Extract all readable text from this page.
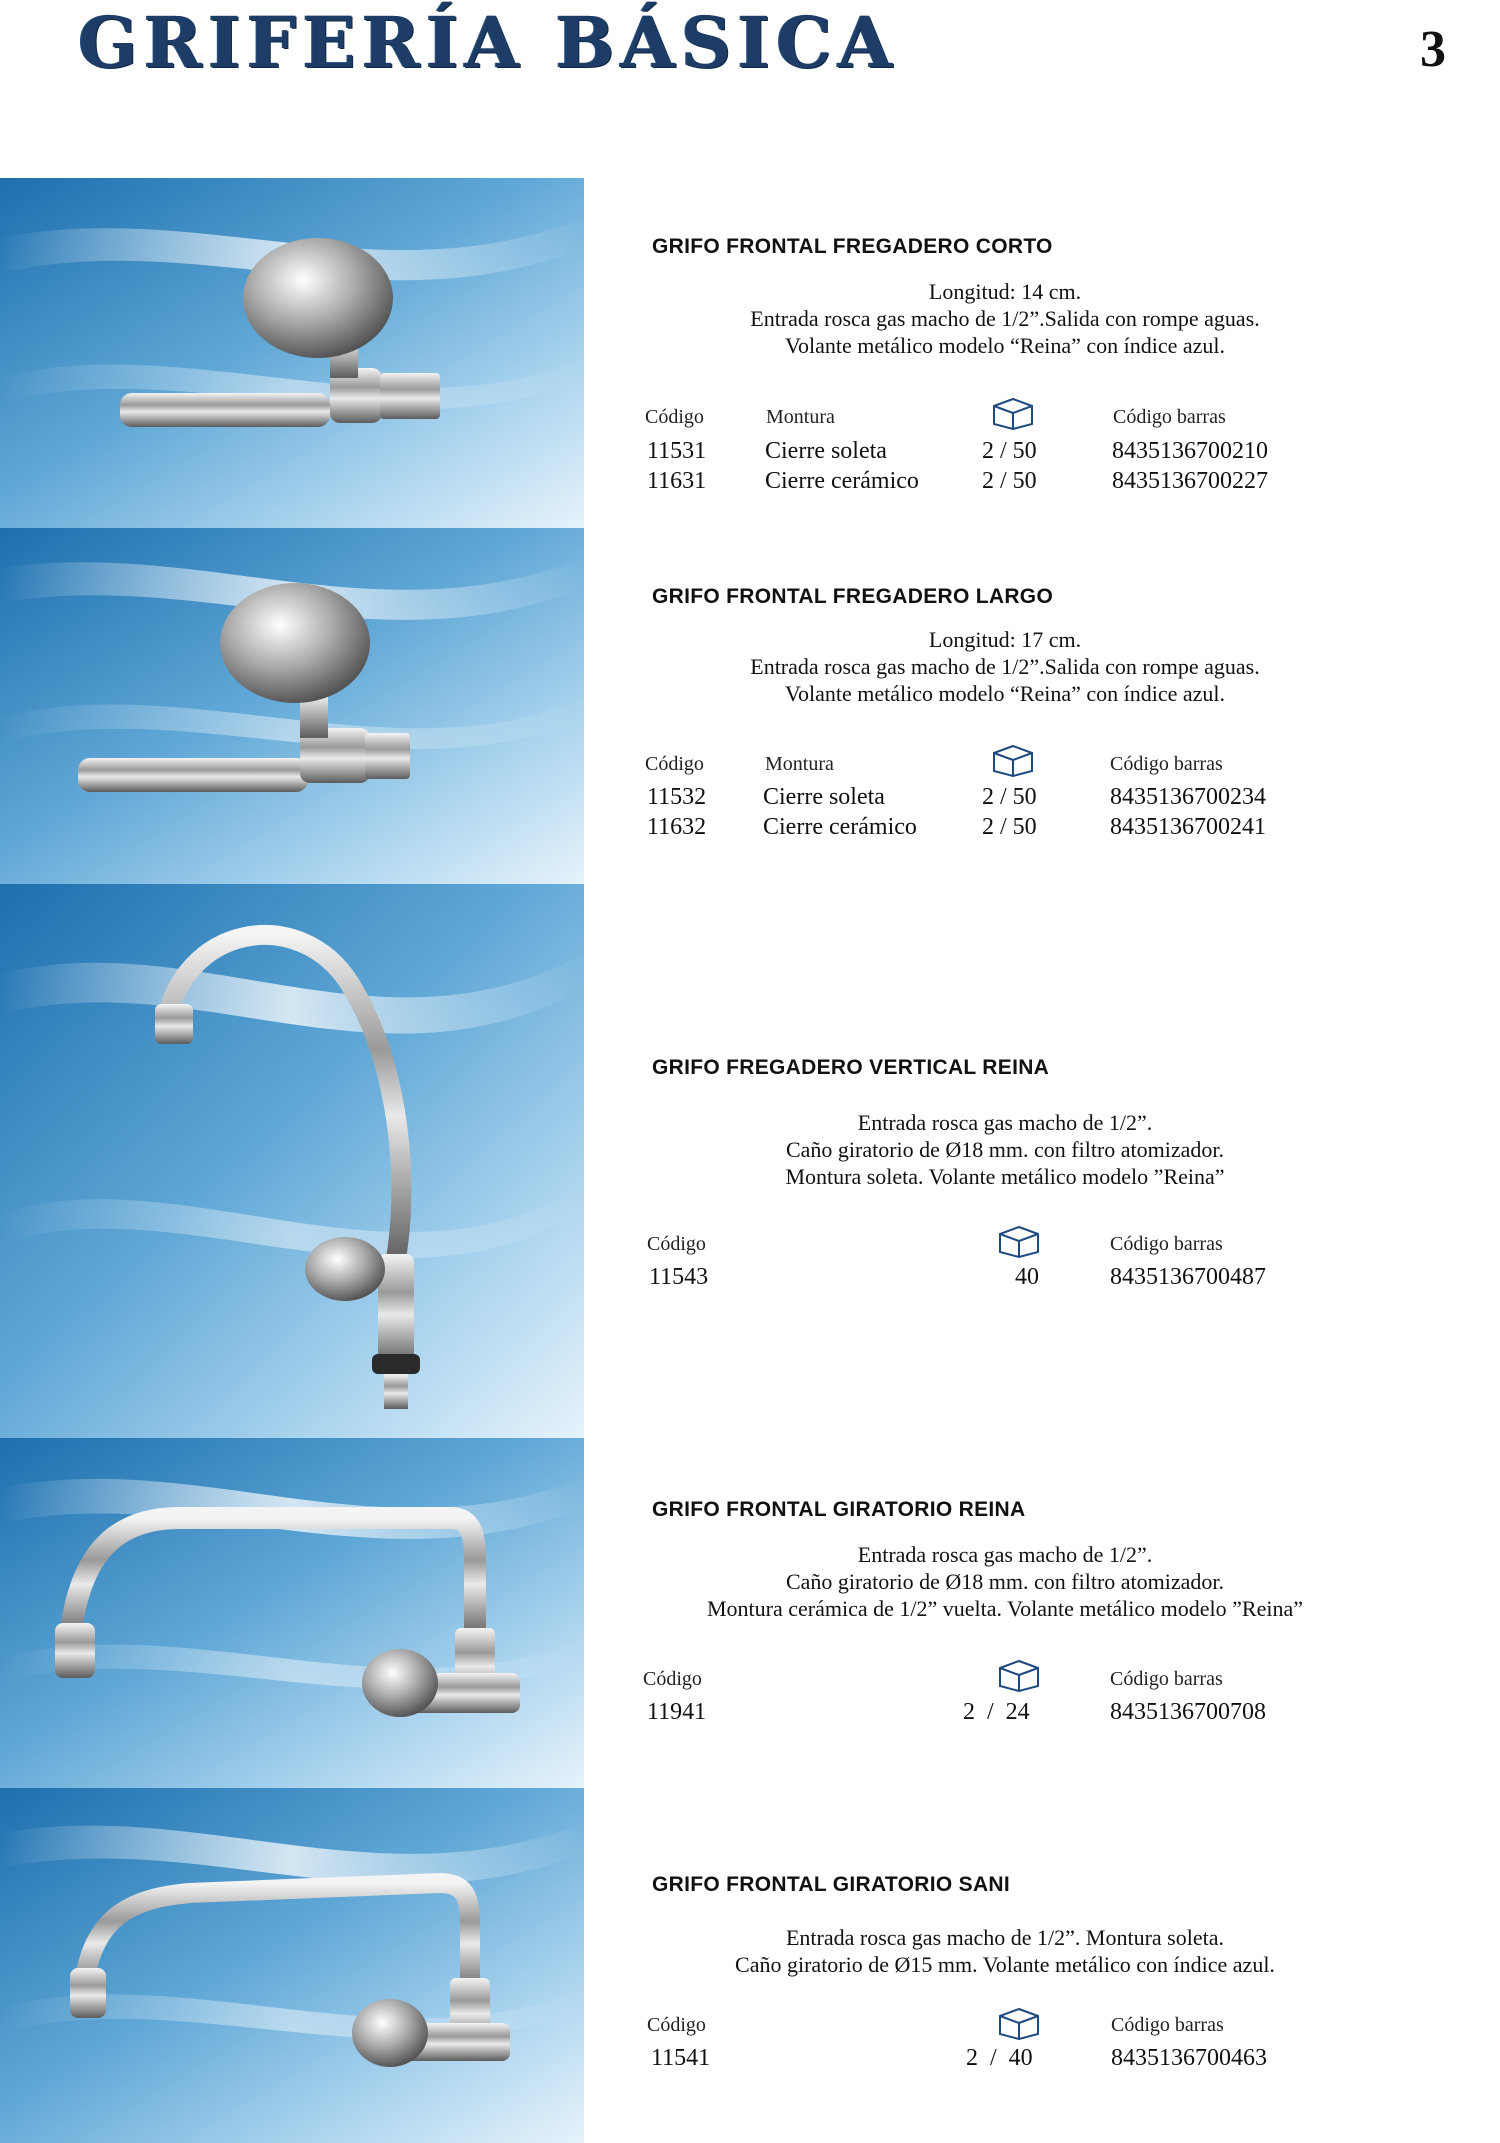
GRIFERÍA BÁSICA	3
GRIFO FRONTAL FREGADERO CORTO
Longitud: 14 cm.
Entrada rosca gas macho de 1/2”.Salida con rompe aguas.
Volante metálico modelo “Reina” con índice azul.
Código	Montura	Código barras
11531 Cierre soleta	2 / 50	8435136700210
11631 Cierre cerámico	2 / 50	8435136700227
GRIFO FRONTAL FREGADERO LARGO
Longitud: 17 cm.
Entrada rosca gas macho de 1/2”.Salida con rompe aguas.
Volante metálico modelo “Reina” con índice azul.
Código	Montura	Código barras
11532 Cierre soleta	2 / 50	8435136700234
11632 Cierre cerámico	2 / 50	8435136700241
GRIFO FREGADERO VERTICAL REINA
Entrada rosca gas macho de 1/2”.
Caño giratorio de Ø18 mm. con filtro atomizador.
Montura soleta. Volante metálico modelo ”Reina”
Código	Código barras
11543	40	8435136700487
GRIFO FRONTAL GIRATORIO REINA
Entrada rosca gas macho de 1/2”.
Caño giratorio de Ø18 mm. con filtro atomizador.
Montura cerámica de 1/2” vuelta. Volante metálico modelo ”Reina”
Código	Código barras
11941	2  /  24	8435136700708
GRIFO FRONTAL GIRATORIO SANI
Entrada rosca gas macho de 1/2”. Montura soleta.
Caño giratorio de Ø15 mm. Volante metálico con índice azul.
Código	Código barras
11541	2  /  40	8435136700463
